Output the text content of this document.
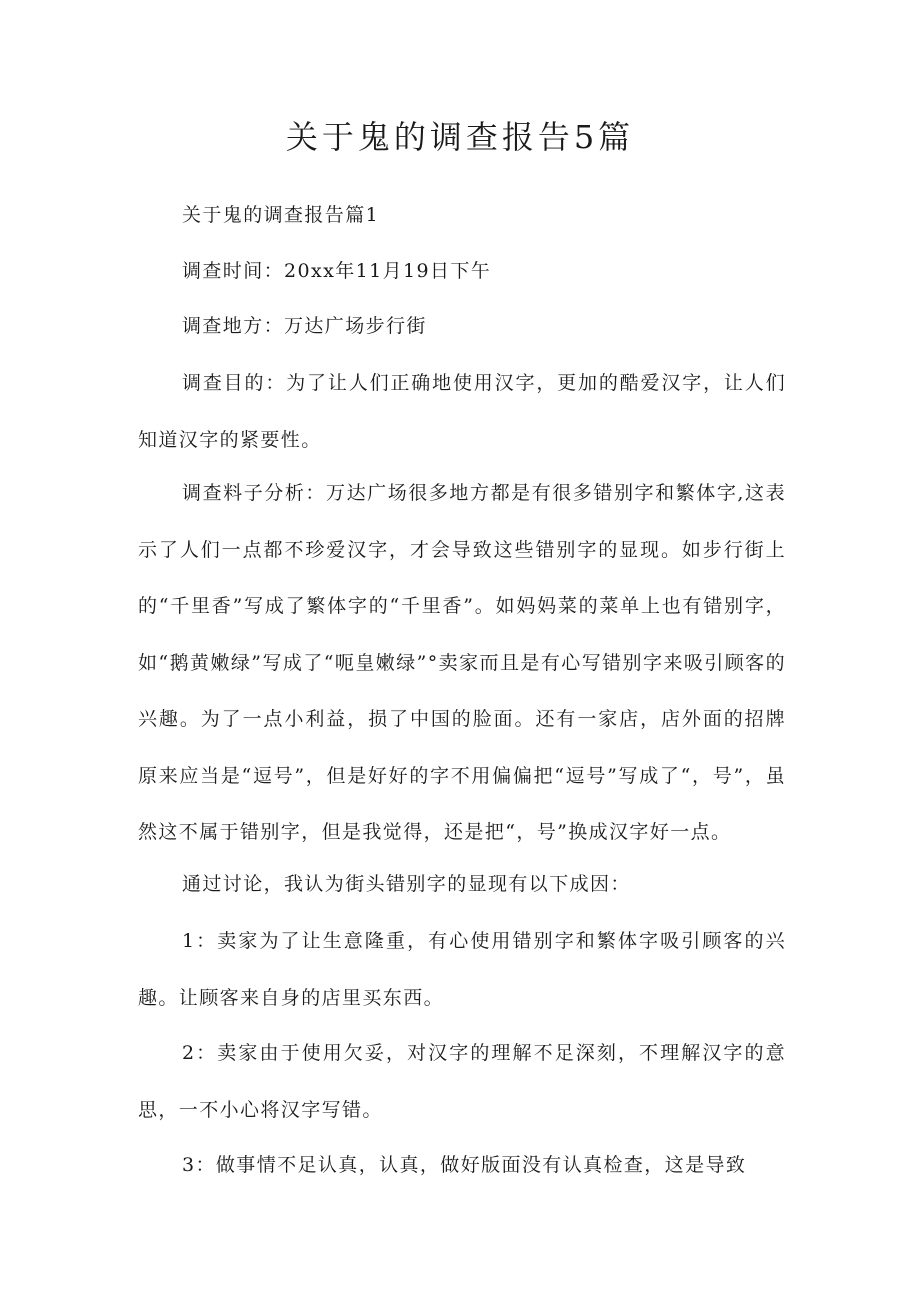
关于鬼的调查报告5篇

关于鬼的调查报告篇1

调查时间：20xx年11月19日下午

调查地方：万达广场步行街

调查目的：为了让人们正确地使用汉字，更加的酷爱汉字，让人们知道汉字的紧要性。

调查料子分析：万达广场很多地方都是有很多错别字和繁体字,这表示了人们一点都不珍爱汉字，才会导致这些错别字的显现。如步行街上的“千里香”写成了繁体字的“千里香”。如妈妈菜的菜单上也有错别字，如“鹅黄嫩绿”写成了“呃皇嫩绿”°卖家而且是有心写错别字来吸引顾客的兴趣。为了一点小利益，损了中国的脸面。还有一家店，店外面的招牌原来应当是“逗号”，但是好好的字不用偏偏把“逗号”写成了“，号”，虽然这不属于错别字，但是我觉得，还是把“，号”换成汉字好一点。

通过讨论，我认为街头错别字的显现有以下成因：

1：卖家为了让生意隆重，有心使用错别字和繁体字吸引顾客的兴趣。让顾客来自身的店里买东西。

2：卖家由于使用欠妥，对汉字的理解不足深刻，不理解汉字的意思，一不小心将汉字写错。

3：做事情不足认真，认真，做好版面没有认真检查，这是导致
